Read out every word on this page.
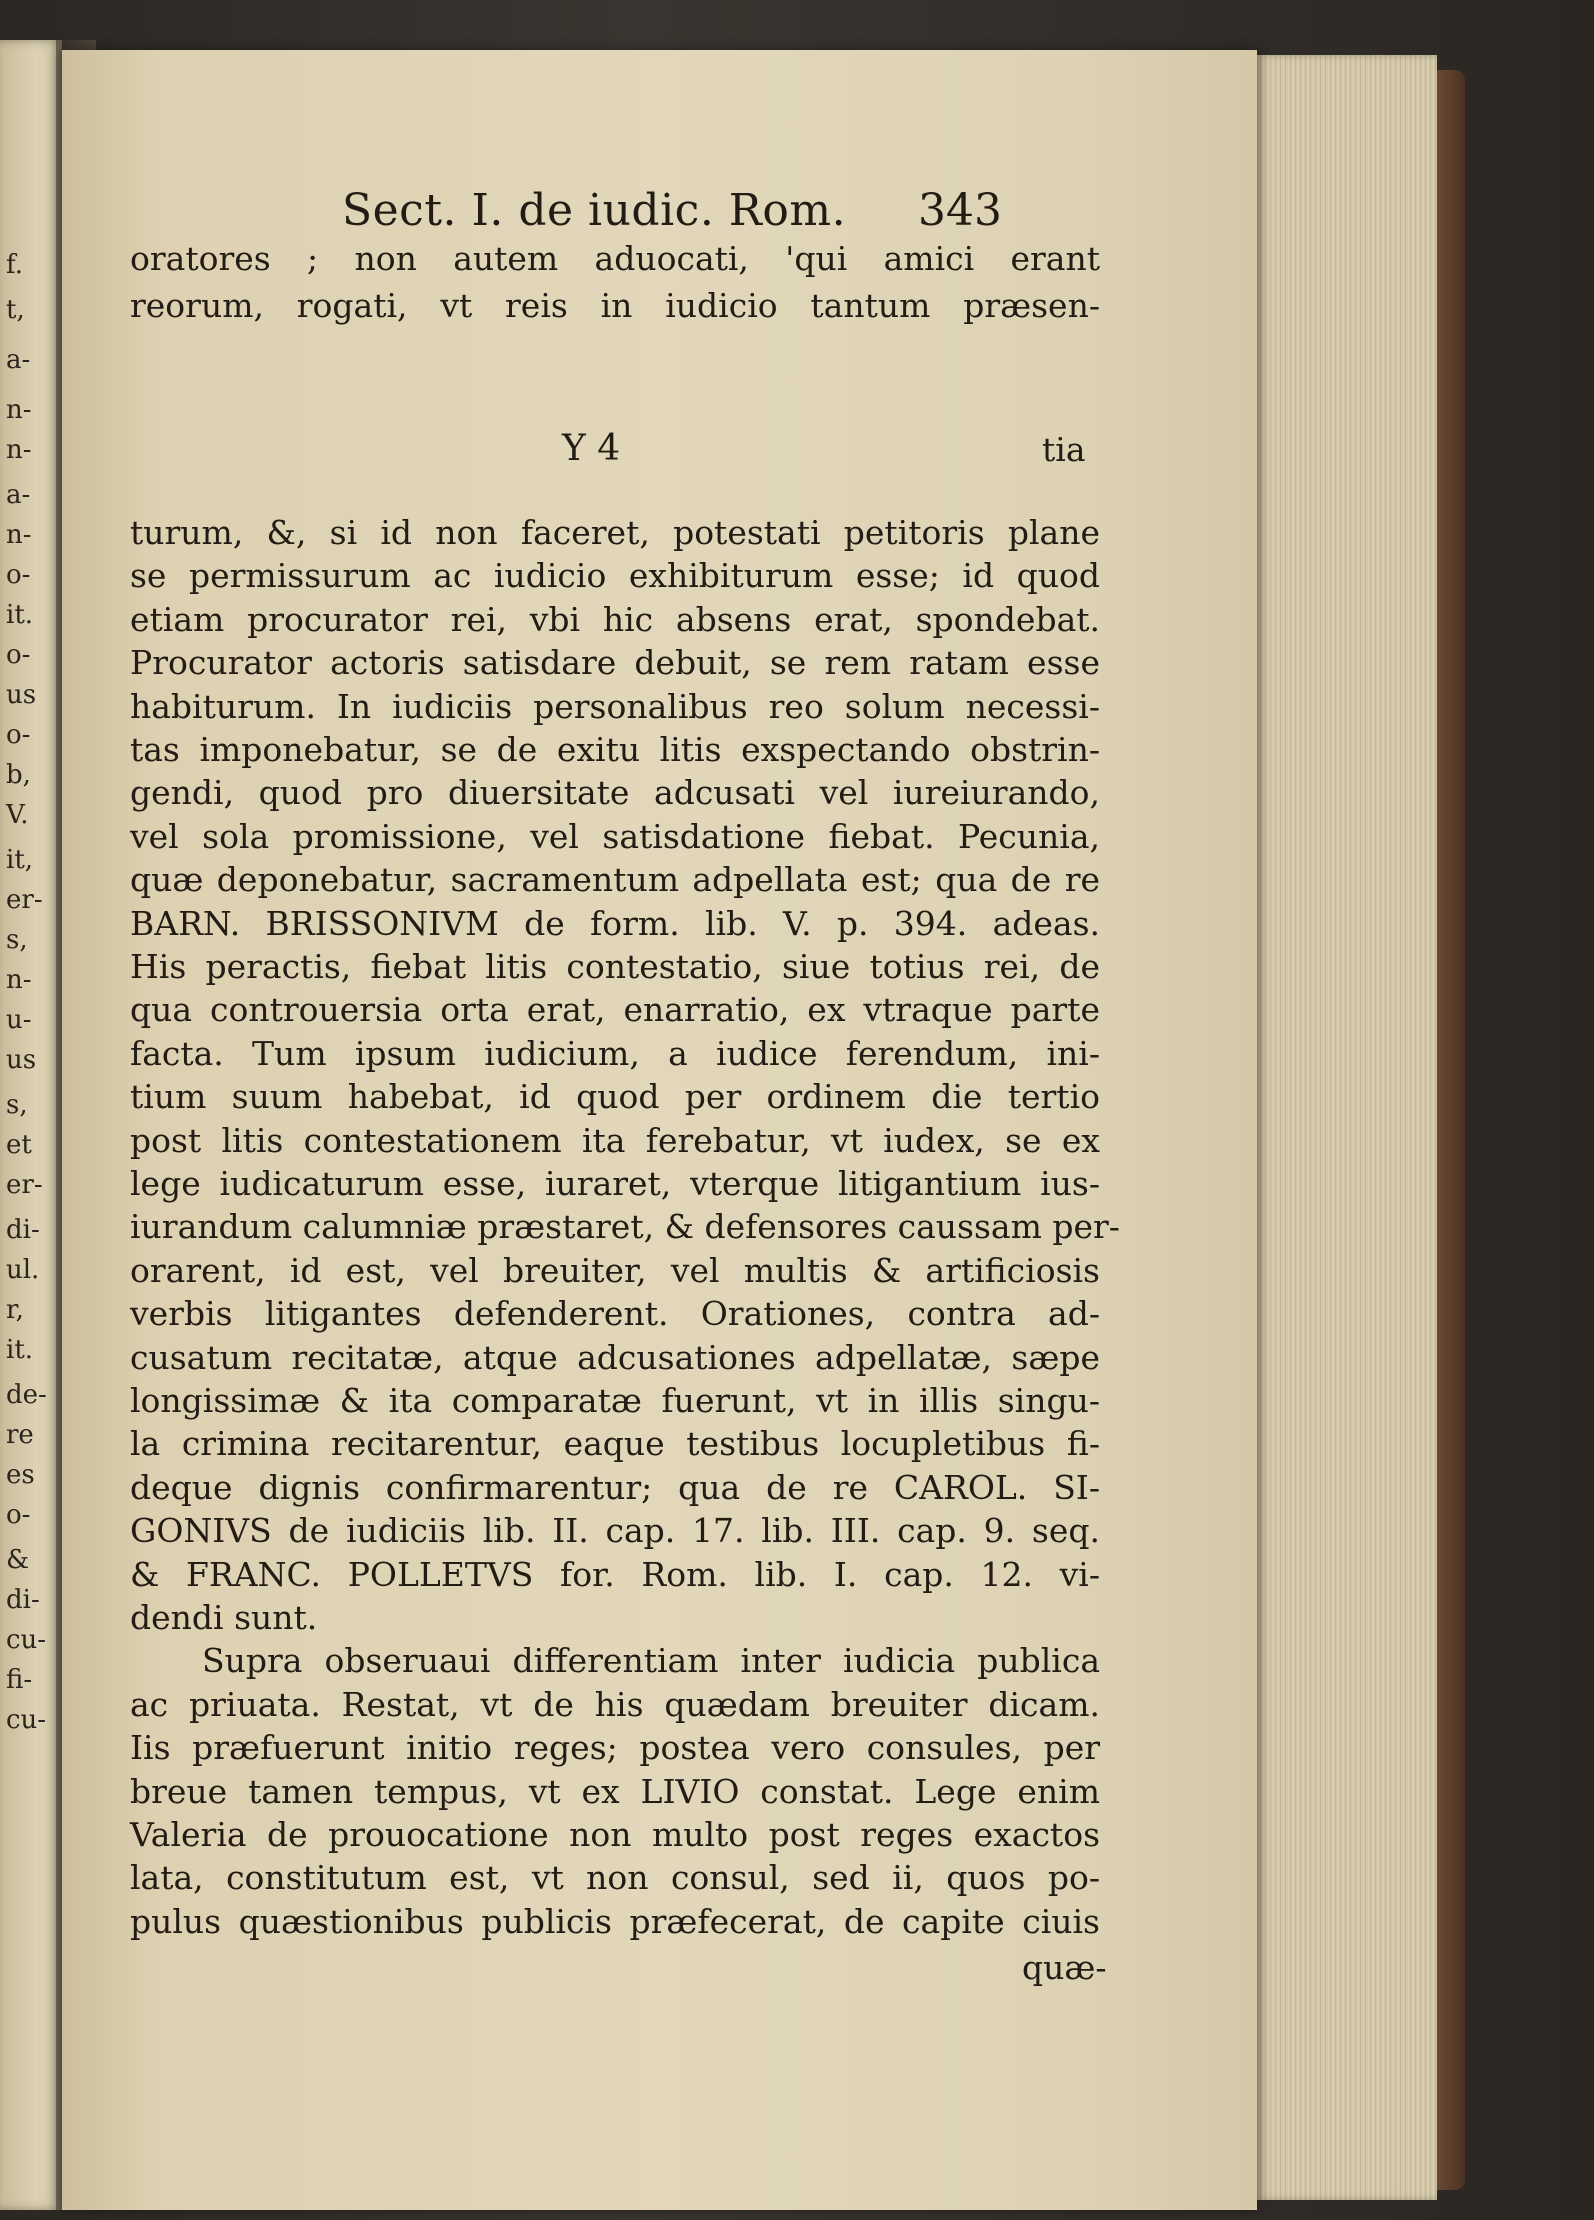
f.
t,
a-
n-
n-
a-
n-
o-
it.
o-
us
o-
b,
V.
it,
er-
s,
n-
u-
us
s,
et
er-
di-
ul.
r,
it.
de-
re
es
o-
&
di-
cu-
fi-
cu-
Sect. I. de iudic. Rom. 343
oratores ; non autem aduocati, 'qui amici erant
reorum, rogati, vt reis in iudicio tantum præsen-
Y 4	tia
turum, &, si id non faceret, potestati petitoris plane
se permissurum ac iudicio exhibiturum esse; id quod
etiam procurator rei, vbi hic absens erat, spondebat.
Procurator actoris satisdare debuit, se rem ratam esse
habiturum. In iudiciis personalibus reo solum necessi-
tas imponebatur, se de exitu litis exspectando obstrin-
gendi, quod pro diuersitate adcusati vel iureiurando,
vel sola promissione, vel satisdatione fiebat. Pecunia,
quæ deponebatur, sacramentum adpellata est; qua de re
BARN. BRISSONIVM de form. lib. V. p. 394. adeas.
His peractis, fiebat litis contestatio, siue totius rei, de
qua controuersia orta erat, enarratio, ex vtraque parte
facta. Tum ipsum iudicium, a iudice ferendum, ini-
tium suum habebat, id quod per ordinem die tertio
post litis contestationem ita ferebatur, vt iudex, se ex
lege iudicaturum esse, iuraret, vterque litigantium ius-
iurandum calumniæ præstaret, & defensores caussam per-
orarent, id est, vel breuiter, vel multis & artificiosis
verbis litigantes defenderent. Orationes, contra ad-
cusatum recitatæ, atque adcusationes adpellatæ, sæpe
longissimæ & ita comparatæ fuerunt, vt in illis singu-
la crimina recitarentur, eaque testibus locupletibus fi-
deque dignis confirmarentur; qua de re CAROL. SI-
GONIVS de iudiciis lib. II. cap. 17. lib. III. cap. 9. seq.
& FRANC. POLLETVS for. Rom. lib. I. cap. 12. vi-
dendi sunt.
Supra obseruaui differentiam inter iudicia publica
ac priuata. Restat, vt de his quædam breuiter dicam.
Iis præfuerunt initio reges; postea vero consules, per
breue tamen tempus, vt ex LIVIO constat. Lege enim
Valeria de prouocatione non multo post reges exactos
lata, constitutum est, vt non consul, sed ii, quos po-
pulus quæstionibus publicis præfecerat, de capite ciuis
quæ-
